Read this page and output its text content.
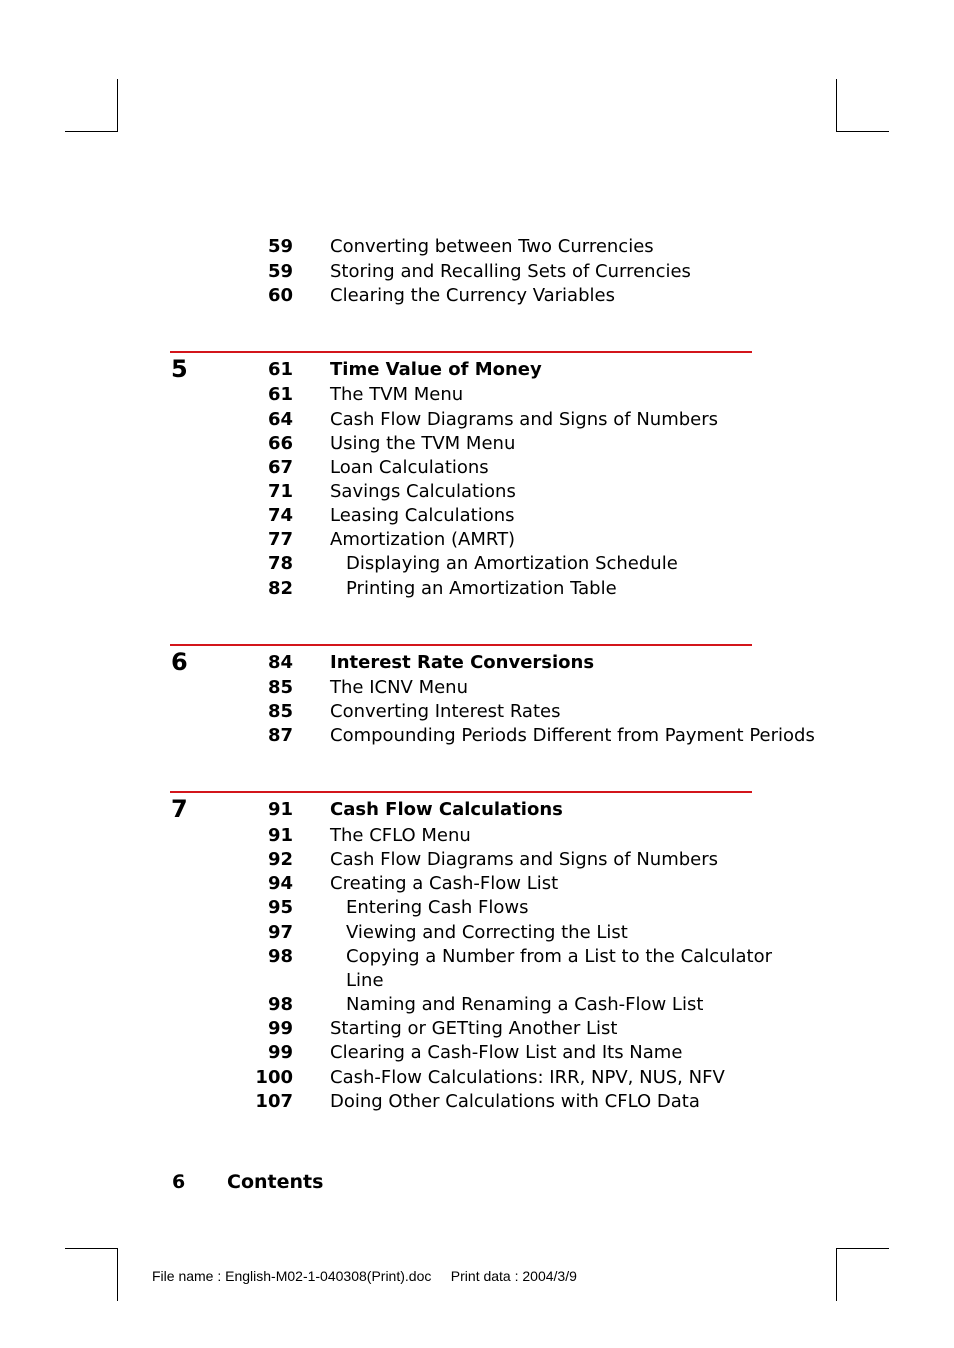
59 Converting between Two Currencies
59 Storing and Recalling Sets of Currencies
60 Clearing the Currency Variables
5	61 Time Value of Money
61 The TVM Menu
64 Cash Flow Diagrams and Signs of Numbers
66 Using the TVM Menu
67 Loan Calculations
71 Savings Calculations
74 Leasing Calculations
77 Amortization (AMRT)
78	Displaying an Amortization Schedule
82	Printing an Amortization Table
6	84 Interest Rate Conversions
85 The ICNV Menu
85 Converting Interest Rates
87 Compounding Periods Different from Payment Periods
7	91 Cash Flow Calculations
91 The CFLO Menu
92 Cash Flow Diagrams and Signs of Numbers
94 Creating a Cash-Flow List
95	Entering Cash Flows
97	Viewing and Correcting the List
98	Copying a Number from a List to the Calculator
Line
98	Naming and Renaming a Cash-Flow List
99 Starting or GETting Another List
99 Clearing a Cash-Flow List and Its Name
100 Cash-Flow Calculations: IRR, NPV, NUS, NFV
107 Doing Other Calculations with CFLO Data
6 Contents
File name : English-M02-1-040308(Print).doc     Print data : 2004/3/9
